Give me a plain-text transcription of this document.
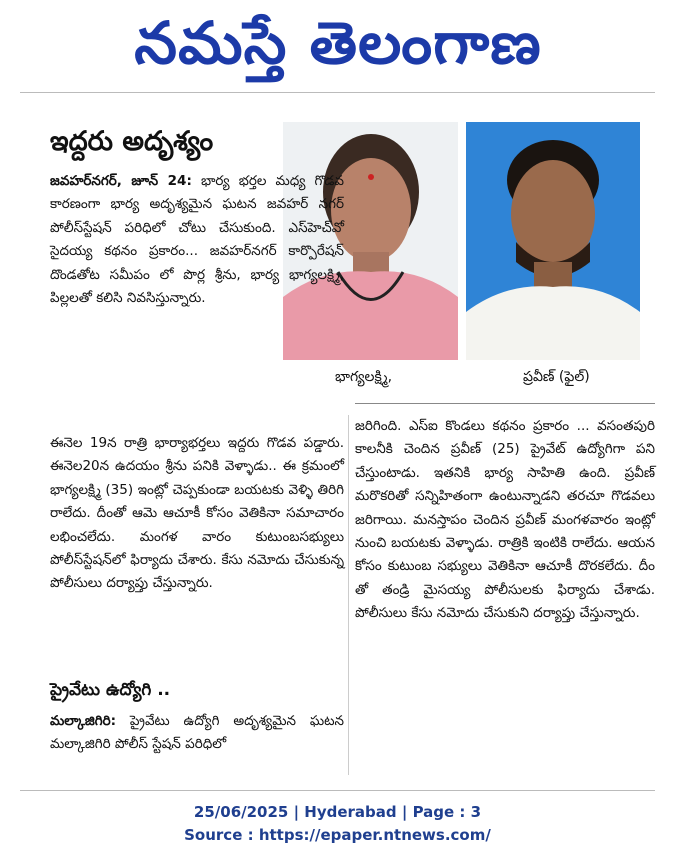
నమస్తే తెలంగాణ
ఇద్దరు అదృశ్యం
భాగ్యలక్ష్మి,	ప్రవీణ్ (ఫైల్)

జవహర్‌నగర్, జూన్ 24: భార్య భర్తల మధ్య గొడవ కారణంగా భార్య అదృశ్యమైన ఘటన జవహర్ నగర్ పోలీస్‌స్టేషన్ పరిధిలో చోటు చేసుకుంది. ఎస్‌హెచ్‌వో సైదయ్య కథనం ప్రకారం... జవహర్‌నగర్ కార్పొరేషన్ దొండతోట సమీపం లో పొర్ల శ్రీను, భార్య భాగ్యలక్ష్మి, పిల్లలతో కలిసి నివసిస్తున్నారు.

ఈనెల 19న రాత్రి భార్యాభర్తలు ఇద్దరు గొడవ పడ్డారు. ఈనెల20న ఉదయం శ్రీను పనికి వెళ్ళాడు.. ఈ క్రమంలో భాగ్యలక్ష్మి (35) ఇంట్లో చెప్పకుండా బయటకు వెళ్ళి తిరిగి రాలేదు. దీంతో ఆమె ఆచూకీ కోసం వెతికినా సమాచారం లభించలేదు. మంగళ వారం కుటుంబసభ్యులు పోలీస్‌స్టేషన్‌లో ఫిర్యాదు చేశారు. కేసు నమోదు చేసుకున్న పోలీసులు దర్యాప్తు చేస్తున్నారు.

ప్రైవేటు ఉద్యోగి ..

మల్కాజిగిరి: ప్రైవేటు ఉద్యోగి అదృశ్యమైన ఘటన మల్కాజిగిరి పోలీస్ స్టేషన్ పరిధిలో

జరిగింది. ఎస్ఐ కొండలు కథనం ప్రకారం ... వసంతపురి కాలనీకి చెందిన ప్రవీణ్ (25) ప్రైవేట్ ఉద్యోగిగా పని చేస్తుంటాడు. ఇతనికి భార్య సాహితి ఉంది. ప్రవీణ్ మరొకరితో సన్నిహితంగా ఉంటున్నాడని తరచూ గొడవలు జరిగాయి. మనస్తాపం చెందిన ప్రవీణ్ మంగళవారం ఇంట్లో నుంచి బయటకు వెళ్ళాడు. రాత్రికి ఇంటికి రాలేదు. ఆయన కోసం కుటుంబ సభ్యులు వెతికినా ఆచూకీ దొరకలేదు. దీం తో తండ్రి మైసయ్య పోలీసులకు ఫిర్యాదు చేశాడు. పోలీసులు కేసు నమోదు చేసుకుని దర్యాప్తు చేస్తున్నారు.

25/06/2025 | Hyderabad | Page : 3
Source : https://epaper.ntnews.com/
